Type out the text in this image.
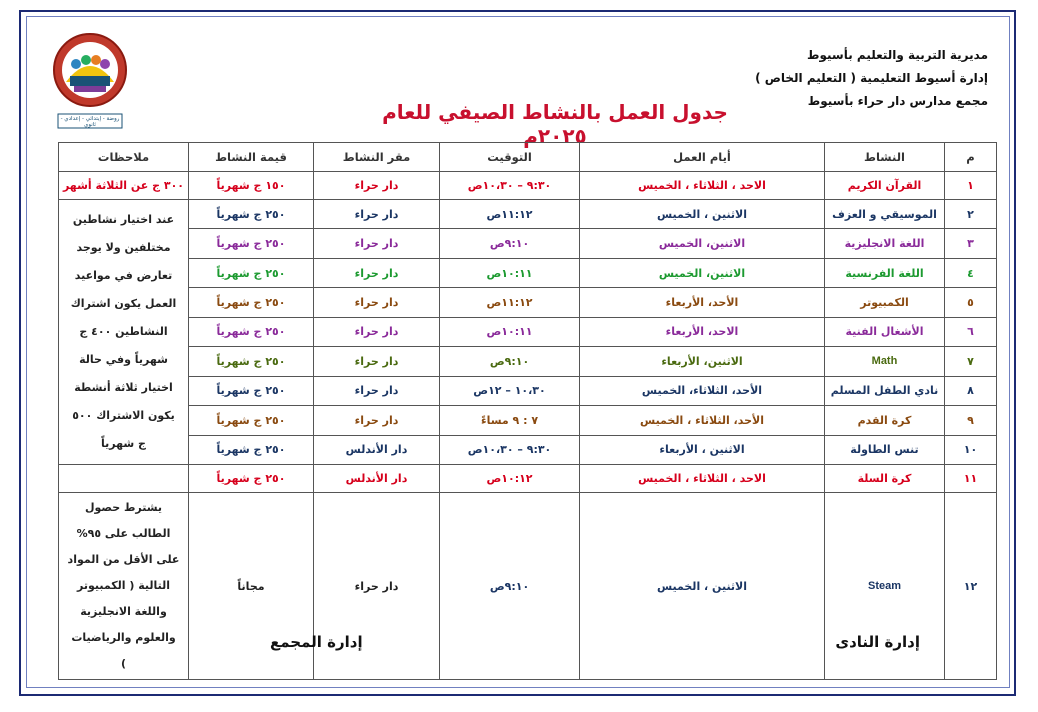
روضة - إبتدائي - إعدادي - ثانوي
مديرية التربية والتعليم بأسيوط
إدارة أسيوط التعليمية ( التعليم الخاص )
مجمع مدارس دار حراء بأسيوط
جدول العمل بالنشاط الصيفي للعام ٢٠٢٥م
م	النشاط	أيام العمل	التوقيت	مقر النشاط	قيمة النشاط	ملاحظات
١	القرآن الكريم	الاحد ، الثلاثاء ، الخميس	٩:٣٠ – ١٠،٣٠ص	دار حراء	١٥٠ ج شهرياً	٣٠٠ ج عن الثلاثة أشهر
٢	الموسيقي و العزف	الاثنين ، الخميس	١١:١٢ص	دار حراء	٢٥٠ ج شهرياً	عند اختيار نشاطين مختلفين ولا يوجد تعارض في مواعيد العمل يكون اشتراك النشاطين ٤٠٠ ج شهرياً وفي حالة اختيار ثلاثة أنشطة يكون الاشتراك ٥٠٠ ج شهرياً
٣	اللغة الانجليزية	الاثنين، الخميس	٩:١٠ص	دار حراء	٢٥٠ ج شهرياً	
٤	اللغة الفرنسية	الاثنين، الخميس	١٠:١١ص	دار حراء	٢٥٠ ج شهرياً	
٥	الكمبيوتر	الأحد، الأربعاء	١١:١٢ص	دار حراء	٢٥٠ ج شهرياً	
٦	الأشغال الفنية	الاحد، الأربعاء	١٠:١١ص	دار حراء	٢٥٠ ج شهرياً	
٧	Math	الاثنين، الأربعاء	٩:١٠ص	دار حراء	٢٥٠ ج شهرياً	
٨	نادي الطفل المسلم	الأحد، الثلاثاء، الخميس	١٠،٣٠ – ١٢ص	دار حراء	٢٥٠ ج شهرياً	
٩	كرة القدم	الأحد، الثلاثاء ، الخميس	٧ : ٩ مساءً	دار حراء	٢٥٠ ج شهرياً	
١٠	تنس الطاولة	الاثنين ، الأربعاء	٩:٣٠ – ١٠،٣٠ص	دار الأندلس	٢٥٠ ج شهرياً	
١١	كرة السلة	الاحد ، الثلاثاء ، الخميس	١٠:١٢ص	دار الأندلس	٢٥٠ ج شهرياً	
١٢	Steam	الاثنين ، الخميس	٩:١٠ص	دار حراء	مجاناً	يشترط حصول الطالب على ٩٥% على الأقل من المواد التالية ( الكمبيوتر واللغة الانجليزية والعلوم والرياضيات )
إدارة النادى
إدارة المجمع
